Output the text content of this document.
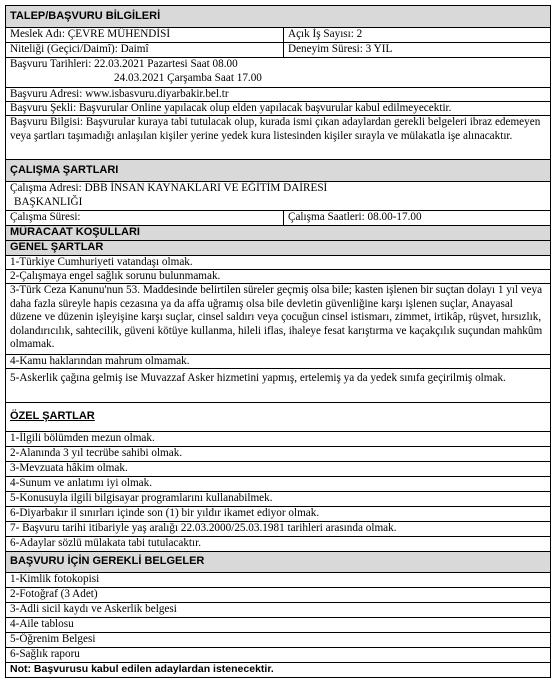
TALEP/BAŞVURU BİLGİLERİ
Meslek Adı: ÇEVRE MÜHENDİSİ	Açık İş Sayısı: 2
Niteliği (Geçici/Daimî): Daimî	Deneyim Süresi: 3 YIL
Başvuru Tarihleri: 22.03.2021 Pazartesi Saat 08.00
24.03.2021 Çarşamba Saat 17.00
Başvuru Adresi: www.isbasvuru.diyarbakir.bel.tr
Başvuru Şekli: Başvurular Online yapılacak olup elden yapılacak başvurular kabul edilmeyecektir.
Başvuru Bilgisi: Başvurular kuraya tabi tutulacak olup, kurada ismi çıkan adaylardan gerekli belgeleri ibraz edemeyen veya şartları taşımadığı anlaşılan kişiler yerine yedek kura listesinden kişiler sırayla ve mülakatla işe alınacaktır.
ÇALIŞMA ŞARTLARI
Çalışma Adresi: DBB İNSAN KAYNAKLARI VE EĞİTİM DAİRESİ
BAŞKANLIĞI
Çalışma Süresi:	Çalışma Saatleri: 08.00-17.00
MÜRACAAT KOŞULLARI
GENEL ŞARTLAR
1-Türkiye Cumhuriyeti vatandaşı olmak.
2-Çalışmaya engel sağlık sorunu bulunmamak.
3-Türk Ceza Kanunu'nun 53. Maddesinde belirtilen süreler geçmiş olsa bile; kasten işlenen bir suçtan dolayı 1 yıl veya daha fazla süreyle hapis cezasına ya da affa uğramış olsa bile devletin güvenliğine karşı işlenen suçlar, Anayasal düzene ve düzenin işleyişine karşı suçlar, cinsel saldırı veya çocuğun cinsel istismarı, zimmet, irtikâp, rüşvet, hırsızlık, dolandırıcılık, sahtecilik, güveni kötüye kullanma, hileli iflas, ihaleye fesat karıştırma ve kaçakçılık suçundan mahkûm olmamak.
4-Kamu haklarından mahrum olmamak.
5-Askerlik çağına gelmiş ise Muvazzaf Asker hizmetini yapmış, ertelemiş ya da yedek sınıfa geçirilmiş olmak.
ÖZEL ŞARTLAR
1-İlgili bölümden mezun olmak.
2-Alanında 3 yıl tecrübe sahibi olmak.
3-Mevzuata hâkim olmak.
4-Sunum ve anlatımı iyi olmak.
5-Konusuyla ilgili bilgisayar programlarını kullanabilmek.
6-Diyarbakır il sınırları içinde son (1) bir yıldır ikamet ediyor olmak.
7- Başvuru tarihi itibariyle yaş aralığı 22.03.2000/25.03.1981 tarihleri arasında olmak.
6-Adaylar sözlü mülakata tabi tutulacaktır.
BAŞVURU İÇİN GEREKLİ BELGELER
1-Kimlik fotokopisi
2-Fotoğraf (3 Adet)
3-Adli sicil kaydı ve Askerlik belgesi
4-Aile tablosu
5-Öğrenim Belgesi
6-Sağlık raporu
Not: Başvurusu kabul edilen adaylardan istenecektir.
